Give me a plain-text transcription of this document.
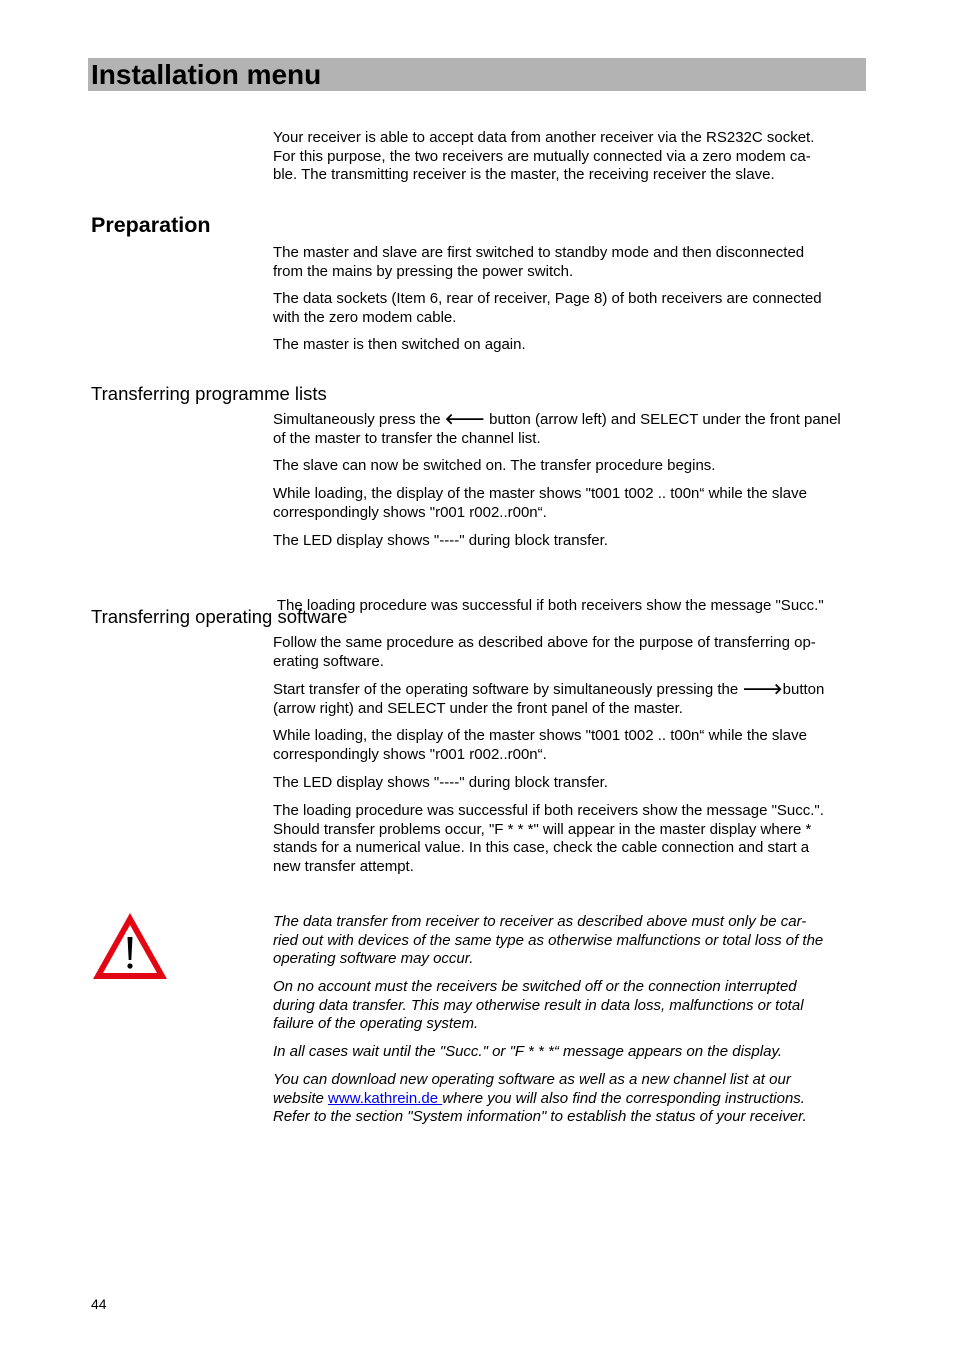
Installation menu

Your receiver is able to accept data from another receiver via the RS232C socket.

For this purpose, the two receivers are mutually connected via a zero modem ca-

ble. The transmitting receiver is the master, the receiving receiver the slave.

Preparation

The master and slave are first switched to standby mode and then disconnected

from the mains by pressing the power switch.

The data sockets (Item 6, rear of receiver, Page 8) of both receivers are connected

with the zero modem cable.

The master is then switched on again.

Transferring programme lists

Simultaneously press the 🡐 button (arrow left) and SELECT under the front panel

of the master to transfer the channel list.

The slave can now be switched on. The transfer procedure begins.

While loading, the display of the master shows "t001 t002 .. t00n“ while the slave

correspondingly shows "r001 r002..r00n“.

The LED display shows "----" during block transfer.

The loading procedure was successful if both receivers show the message "Succ."

Transferring operating software

Follow the same procedure as described above for the purpose of transferring op-

erating software.

Start transfer of the operating software by simultaneously pressing the 🡒button

(arrow right) and SELECT under the front panel of the master.

While loading, the display of the master shows "t001 t002 .. t00n“ while the slave

correspondingly shows "r001 r002..r00n“.

The LED display shows "----" during block transfer.

The loading procedure was successful if both receivers show the message "Succ.".

Should transfer problems occur, "F * * *" will appear in the master display where *

stands for a numerical value. In this case, check the cable connection and start a

new transfer attempt.

The data transfer from receiver to receiver as described above must only be car-

ried out with devices of the same type as otherwise malfunctions or total loss of the

operating software may occur.

On no account must the receivers be switched off or the connection interrupted

during data transfer. This may otherwise result in data loss, malfunctions or total

failure of the operating system.

In all cases wait until the "Succ." or "F * * *“ message appears on the display.

You can download new operating software as well as a new channel list at our

website www.kathrein.de where you will also find the corresponding instructions.

Refer to the section "System information" to establish the status of your receiver.

44
